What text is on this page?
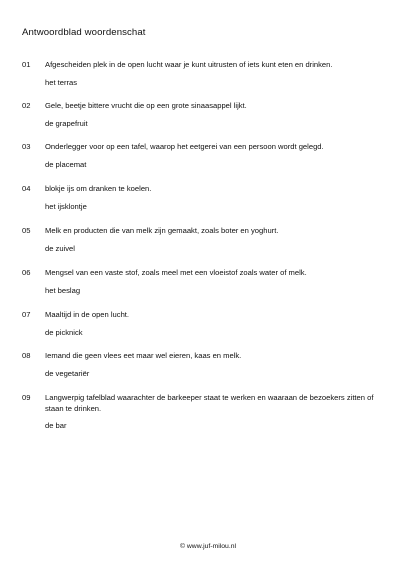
Antwoordblad woordenschat
01 Afgescheiden plek in de open lucht waar je kunt uitrusten of iets kunt eten en drinken.
het terras
02 Gele, beetje bittere vrucht die op een grote sinaasappel lijkt.
de grapefruit
03 Onderlegger voor op een tafel, waarop het eetgerei van een persoon wordt gelegd.
de placemat
04 blokje ijs om dranken te koelen.
het ijsklontje
05 Melk en producten die van melk zijn gemaakt, zoals boter en yoghurt.
de zuivel
06 Mengsel van een vaste stof, zoals meel met een vloeistof zoals water of melk.
het beslag
07 Maaltijd in de open lucht.
de picknick
08 Iemand die geen vlees eet maar wel eieren, kaas en melk.
de vegetariër
09 Langwerpig tafelblad waarachter de barkeeper staat te werken en waaraan de bezoekers zitten of staan te drinken.
de bar
© www.juf-milou.nl
